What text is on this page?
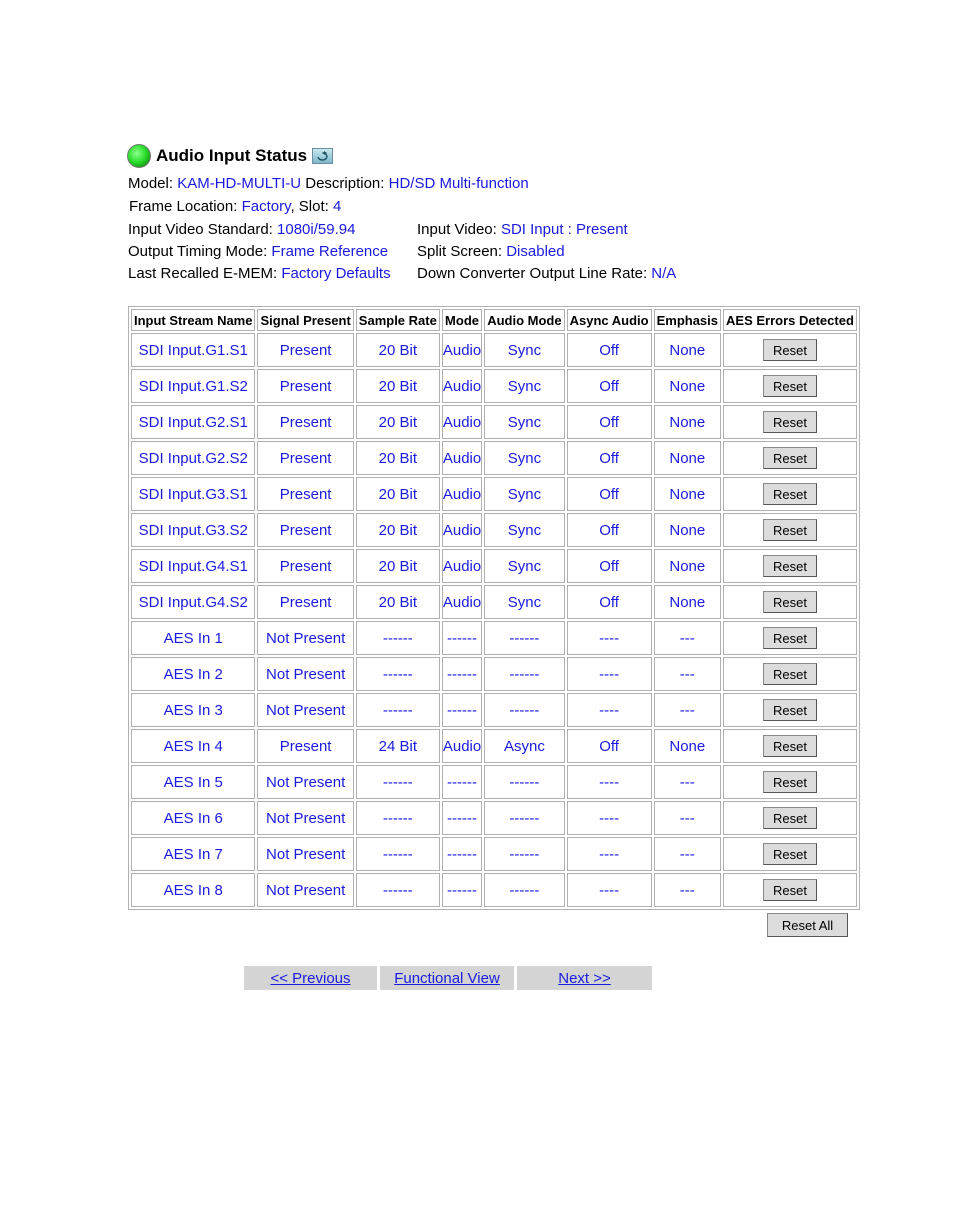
Audio Input Status
Model: KAM-HD-MULTI-U Description: HD/SD Multi-function
Frame Location: Factory, Slot: 4
Input Video Standard: 1080i/59.94	Input Video: SDI Input : Present
Output Timing Mode: Frame Reference Split Screen: Disabled
Last Recalled E-MEM: Factory Defaults Down Converter Output Line Rate: N/A
Input Stream Name	Signal Present	Sample Rate	Mode	Audio Mode	Async Audio	Emphasis	AES Errors Detected
SDI Input.G1.S1	Present	20 Bit	Audio	Sync	Off	None	Reset
SDI Input.G1.S2	Present	20 Bit	Audio	Sync	Off	None	Reset
SDI Input.G2.S1	Present	20 Bit	Audio	Sync	Off	None	Reset
SDI Input.G2.S2	Present	20 Bit	Audio	Sync	Off	None	Reset
SDI Input.G3.S1	Present	20 Bit	Audio	Sync	Off	None	Reset
SDI Input.G3.S2	Present	20 Bit	Audio	Sync	Off	None	Reset
SDI Input.G4.S1	Present	20 Bit	Audio	Sync	Off	None	Reset
SDI Input.G4.S2	Present	20 Bit	Audio	Sync	Off	None	Reset
AES In 1	Not Present	------	------	------	----	---	Reset
AES In 2	Not Present	------	------	------	----	---	Reset
AES In 3	Not Present	------	------	------	----	---	Reset
AES In 4	Present	24 Bit	Audio	Async	Off	None	Reset
AES In 5	Not Present	------	------	------	----	---	Reset
AES In 6	Not Present	------	------	------	----	---	Reset
AES In 7	Not Present	------	------	------	----	---	Reset
AES In 8	Not Present	------	------	------	----	---	Reset
Reset All
<< Previous	Functional View	Next >>
